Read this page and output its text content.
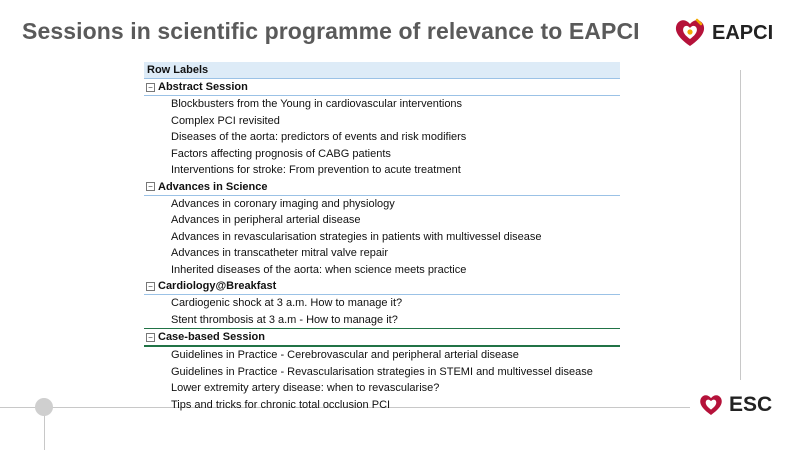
Sessions in scientific programme of relevance to EAPCI	EAPCI
ESC
Row Labels
− Abstract Session
Blockbusters from the Young in cardiovascular interventions
Complex PCI revisited
Diseases of the aorta: predictors of events and risk modifiers
Factors affecting prognosis of CABG patients
Interventions for stroke: From prevention to acute treatment
− Advances in Science
Advances in coronary imaging and physiology
Advances in peripheral arterial disease
Advances in revascularisation strategies in patients with multivessel disease
Advances in transcatheter mitral valve repair
Inherited diseases of the aorta: when science meets practice
− Cardiology@Breakfast
Cardiogenic shock at 3 a.m. How to manage it?
Stent thrombosis at 3 a.m - How to manage it?
− Case-based Session
Guidelines in Practice - Cerebrovascular and peripheral arterial disease
Guidelines in Practice - Revascularisation strategies in STEMI and multivessel disease
Lower extremity artery disease: when to revascularise?
Tips and tricks for chronic total occlusion PCI
